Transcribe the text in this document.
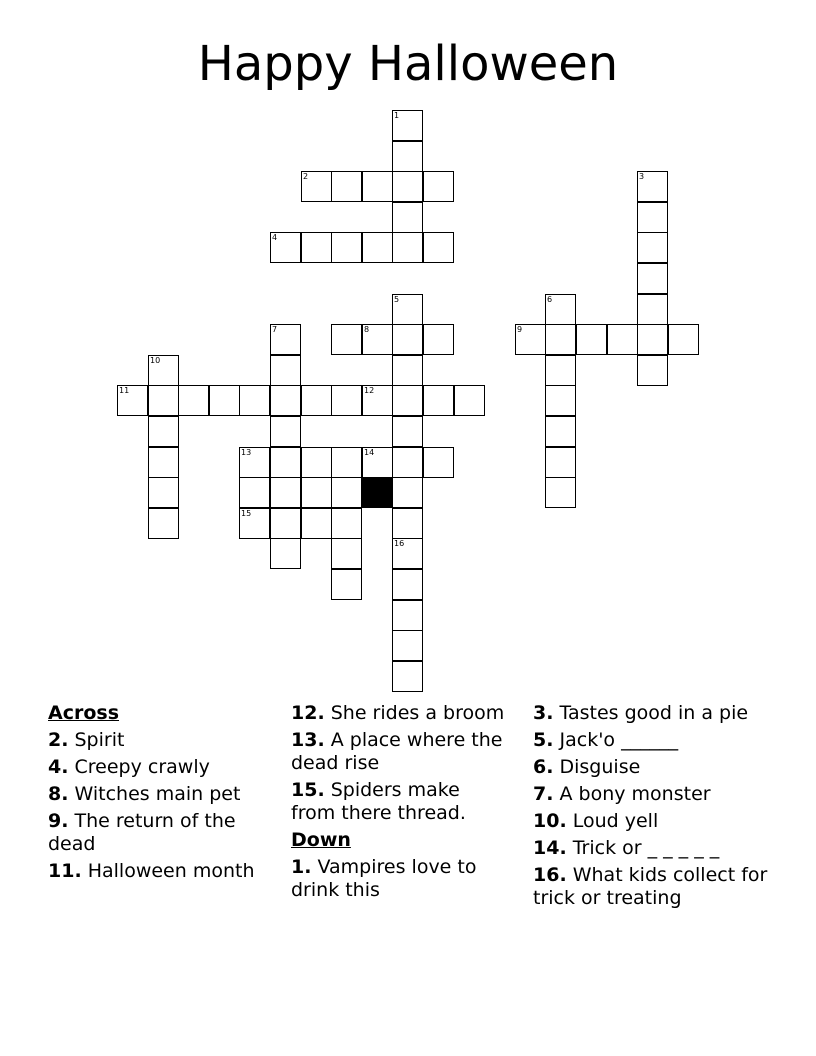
Happy Halloween
1
2
4
3
5	6
8	9
7
10
11	12
13	14
15
16
Across
2. Spirit
4. Creepy crawly
8. Witches main pet
9. The return of the dead
11. Halloween month
12. She rides a broom
13. A place where the dead rise
15. Spiders make from there thread.
Down
1. Vampires love to drink this
3. Tastes good in a pie
5. Jack'o ______
6. Disguise
7. A bony monster
10. Loud yell
14. Trick or _ _ _ _ _
16. What kids collect for trick or treating
